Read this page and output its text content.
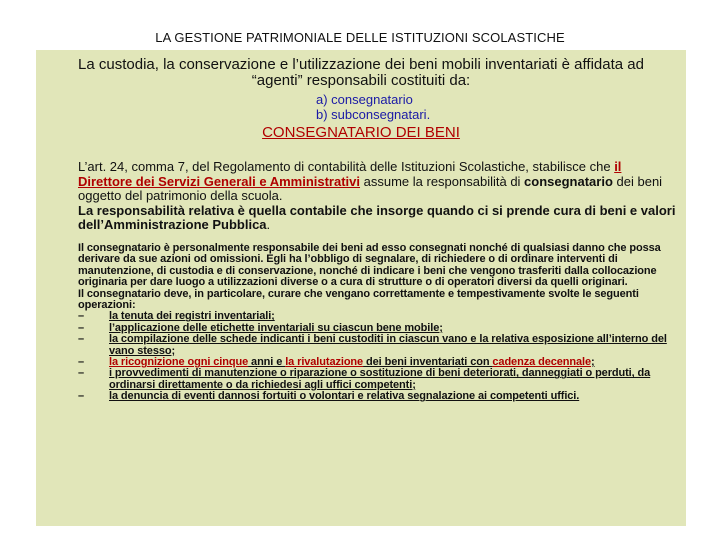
LA GESTIONE PATRIMONIALE DELLE ISTITUZIONI SCOLASTICHE
La custodia, la conservazione e l’utilizzazione dei beni mobili inventariati è affidata ad
“agenti” responsabili costituiti da:
a) consegnatario
b) subconsegnatari.
CONSEGNATARIO DEI BENI
L’art. 24, comma 7, del Regolamento di contabilità delle Istituzioni Scolastiche, stabilisce che il Direttore dei Servizi Generali e Amministrativi assume la responsabilità di consegnatario dei beni oggetto del patrimonio della scuola.
La responsabilità relativa è quella contabile che insorge quando ci si prende cura di beni e valori dell’Amministrazione Pubblica.
Il consegnatario è personalmente responsabile dei beni ad esso consegnati nonché di qualsiasi danno che possa derivare da sue azioni od omissioni. Egli ha l’obbligo di segnalare, di richiedere o di ordinare interventi di manutenzione, di custodia e di conservazione, nonché di indicare i beni che vengono trasferiti dalla collocazione originaria per dare luogo a utilizzazioni diverse o a cura di strutture o di operatori diversi da quelli originari.
Il consegnatario deve, in particolare, curare che vengano correttamente e tempestivamente svolte le seguenti operazioni:
–	la tenuta dei registri inventariali;
–	l’applicazione delle etichette inventariali su ciascun bene mobile;
–	la compilazione delle schede indicanti i beni custoditi in ciascun vano e la relativa esposizione all’interno del vano stesso;
–	la ricognizione ogni cinque anni e la rivalutazione dei beni inventariati con cadenza decennale;
–	i provvedimenti di manutenzione o riparazione o sostituzione di beni deteriorati, danneggiati o perduti, da ordinarsi direttamente o da richiedesi agli uffici competenti;
–	la denuncia di eventi dannosi fortuiti o volontari e relativa segnalazione ai competenti uffici.
